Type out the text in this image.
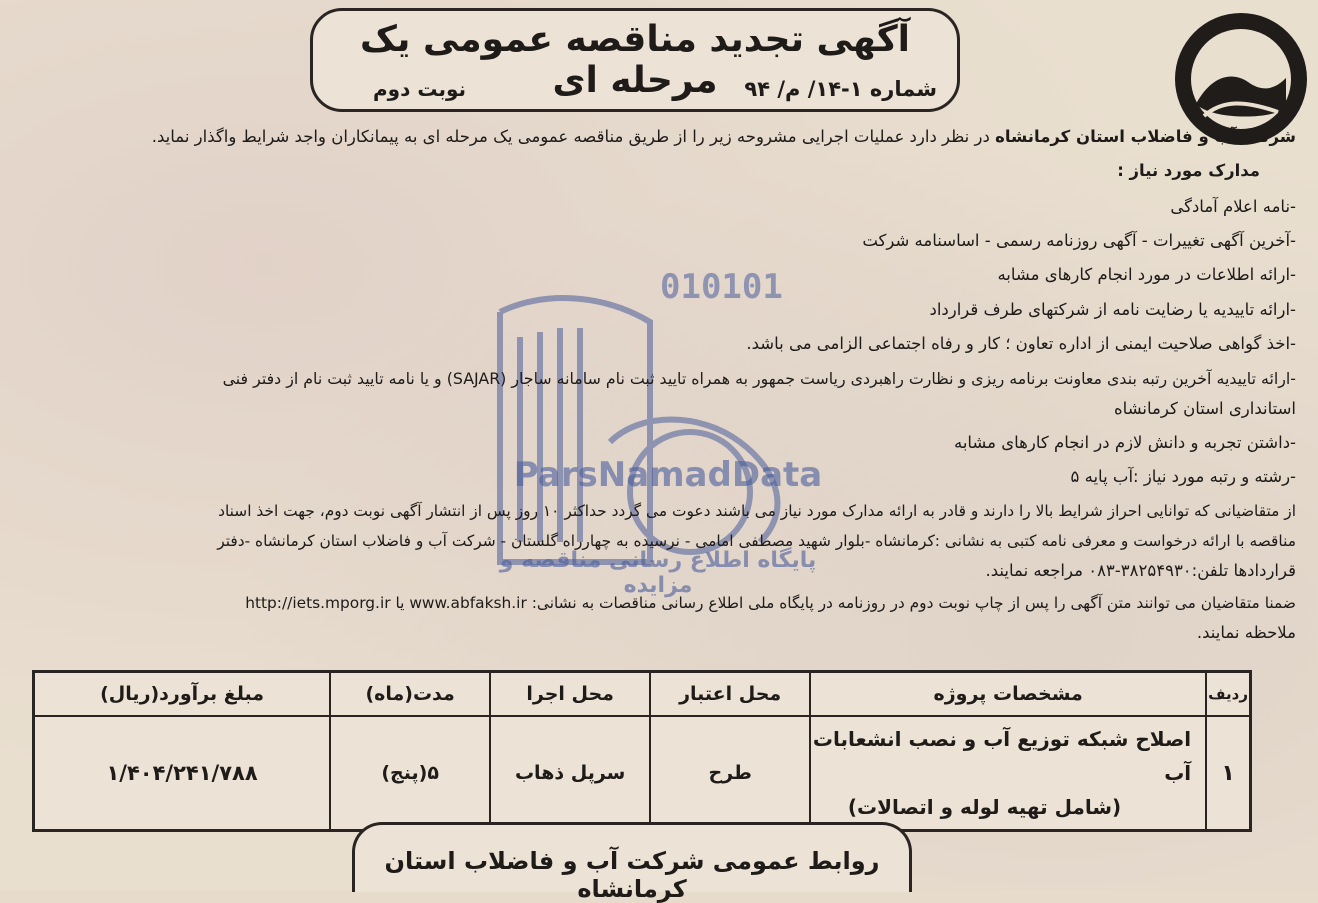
آگهی تجدید مناقصه عمومی یک مرحله ای	شماره ۱-۱۴/ م/ ۹۴
نوبت دوم
010101
ParsNamadData
پایگاه اطلاع رسانی مناقصه و مزایده
شرکت آب و فاضلاب استان کرمانشاه در نظر دارد عملیات اجرایی مشروحه زیر را از طریق مناقصه عمومی یک مرحله ای به پیمانکاران واجد شرایط واگذار نماید.
مدارک مورد نیاز :
-نامه اعلام آمادگی
-آخرین آگهی تغییرات - آگهی روزنامه رسمی - اساسنامه شرکت
-ارائه اطلاعات در مورد انجام کارهای مشابه
-ارائه تاییدیه یا رضایت نامه از شرکتهای طرف قرارداد
-اخذ گواهی صلاحیت ایمنی از اداره تعاون ؛ کار و رفاه اجتماعی الزامی می باشد.
-ارائه تاییدیه آخرین رتبه بندی معاونت برنامه ریزی و نظارت راهبردی ریاست جمهور به همراه تایید ثبت نام سامانه ساجار (SAJAR) و یا نامه تایید ثبت نام از دفتر فنی
استانداری استان کرمانشاه
-داشتن تجربه و دانش لازم در انجام کارهای مشابه
-رشته و رتبه مورد نیاز :آب پایه ۵
از متقاضیانی که توانایی احراز شرایط بالا را دارند و قادر به ارائه مدارک مورد نیاز می باشند دعوت می گردد حداکثر ۱۰ روز پس از انتشار آگهی نوبت دوم، جهت اخذ اسناد
مناقصه با ارائه درخواست و معرفی نامه کتبی به نشانی :کرمانشاه -بلوار شهید مصطفی امامی - نرسیده به چهارراه گلستان - شرکت آب و فاضلاب استان کرمانشاه -دفتر
قراردادها تلفن:۳۸۲۵۴۹۳۰-۰۸۳ مراجعه نمایند.
ضمنا متقاضیان می توانند متن آگهی را پس از چاپ نوبت دوم در روزنامه در پایگاه ملی اطلاع رسانی مناقصات به نشانی: www.abfaksh.ir یا http://iets.mporg.ir
ملاحظه نمایند.
ردیف	مشخصات پروژه	محل اعتبار	محل اجرا	مدت(ماه)	مبلغ برآورد(ریال)
۱	اصلاح شبکه توزیع آب و نصب انشعابات آب
(شامل تهیه لوله و اتصالات)	طرح	سرپل ذهاب	۵(پنج)	۱/۴۰۴/۲۴۱/۷۸۸
روابط عمومی شرکت آب و فاضلاب استان کرمانشاه
